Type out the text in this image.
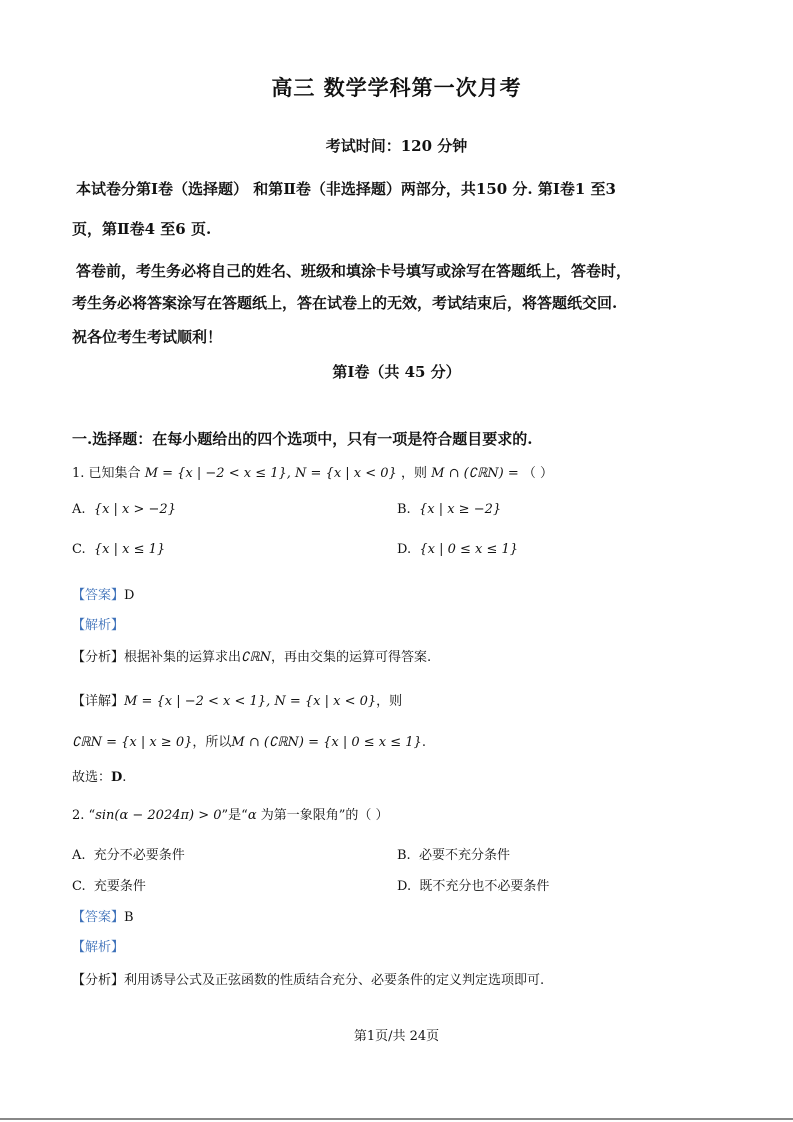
高三 数学学科第一次月考
考试时间：120 分钟
本试卷分第Ⅰ卷（选择题） 和第Ⅱ卷（非选择题）两部分，共150 分. 第Ⅰ卷1 至3
页，第Ⅱ卷4 至6 页.
答卷前，考生务必将自己的姓名、班级和填涂卡号填写或涂写在答题纸上，答卷时，
考生务必将答案涂写在答题纸上，答在试卷上的无效，考试结束后，将答题纸交回.
祝各位考生考试顺利！
第Ⅰ卷（共 45 分）
一.选择题：在每小题给出的四个选项中，只有一项是符合题目要求的.
1. 已知集合 M = {x | −2 < x ≤ 1}, N = {x | x < 0} ，则 M ∩ (∁ℝN) = （ ）
A. {x | x > −2}	B. {x | x ≥ −2}
C. {x | x ≤ 1}	D. {x | 0 ≤ x ≤ 1}
【答案】D
【解析】
【分析】根据补集的运算求出∁ℝN，再由交集的运算可得答案.
【详解】M = {x | −2 < x < 1}, N = {x | x < 0}，则
∁ℝN = {x | x ≥ 0}，所以M ∩ (∁ℝN) = {x | 0 ≤ x ≤ 1}.
故选：D.
2. “sin(α − 2024π) > 0”是“α 为第一象限角”的（ ）
A. 充分不必要条件	B. 必要不充分条件
C. 充要条件	D. 既不充分也不必要条件
【答案】B
【解析】
【分析】利用诱导公式及正弦函数的性质结合充分、必要条件的定义判定选项即可.
第1页/共 24页
